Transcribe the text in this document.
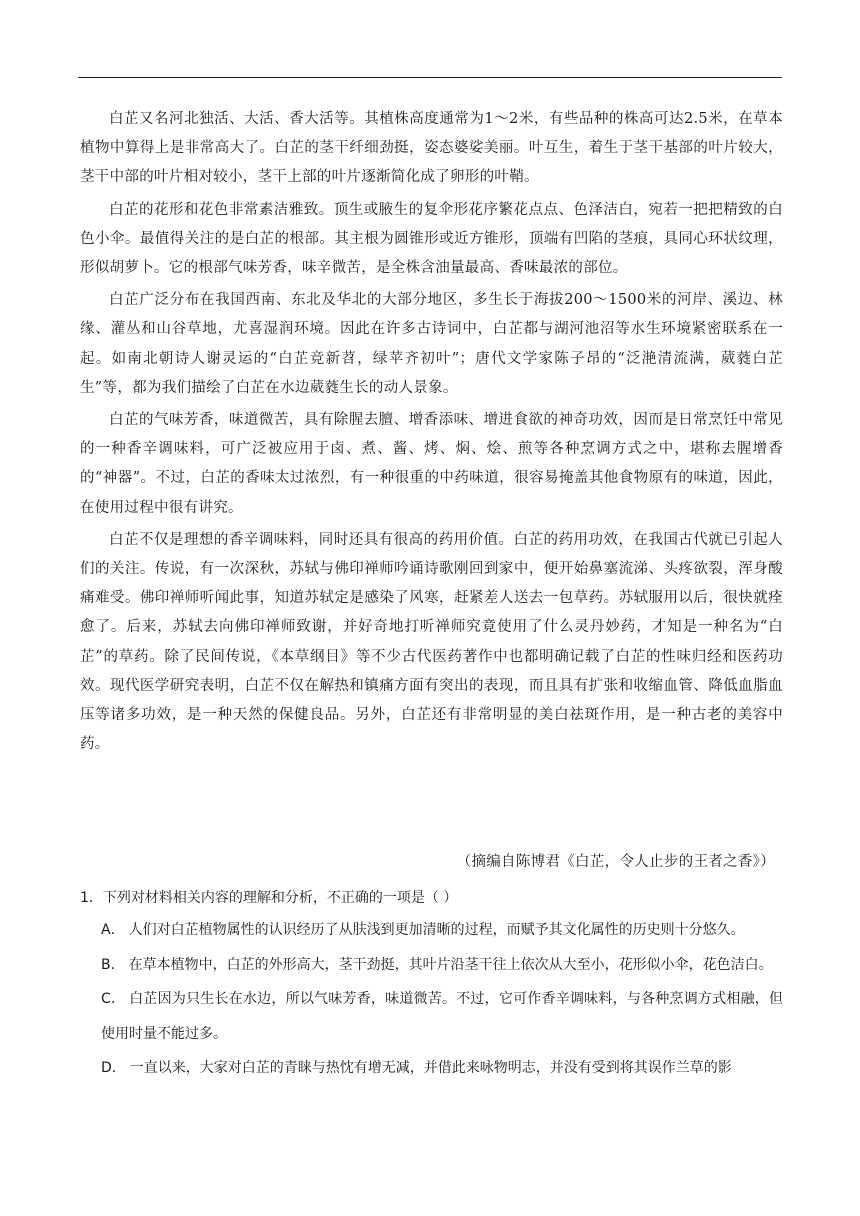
白芷又名河北独活、大活、香大活等。其植株高度通常为1～2米，有些品种的株高可达2.5米，在草本植物中算得上是非常高大了。白芷的茎干纤细劲挺，姿态婆娑美丽。叶互生，着生于茎干基部的叶片较大，茎干中部的叶片相对较小，茎干上部的叶片逐渐简化成了卵形的叶鞘。

白芷的花形和花色非常素洁雅致。顶生或腋生的复伞形花序繁花点点、色泽洁白，宛若一把把精致的白色小伞。最值得关注的是白芷的根部。其主根为圆锥形或近方锥形，顶端有凹陷的茎痕，具同心环状纹理，形似胡萝卜。它的根部气味芳香，味辛微苦，是全株含油量最高、香味最浓的部位。

白芷广泛分布在我国西南、东北及华北的大部分地区，多生长于海拔200～1500米的河岸、溪边、林缘、灌丛和山谷草地，尤喜湿润环境。因此在许多古诗词中，白芷都与湖河池沼等水生环境紧密联系在一起。如南北朝诗人谢灵运的“白芷竞新苕，绿苹齐初叶”；唐代文学家陈子昂的“泛滟清流满，葳蕤白芷生”等，都为我们描绘了白芷在水边葳蕤生长的动人景象。

白芷的气味芳香，味道微苦，具有除腥去膻、增香添味、增进食欲的神奇功效，因而是日常烹饪中常见的一种香辛调味料，可广泛被应用于卤、煮、酱、烤、焖、烩、煎等各种烹调方式之中，堪称去腥增香的“神器”。不过，白芷的香味太过浓烈，有一种很重的中药味道，很容易掩盖其他食物原有的味道，因此，在使用过程中很有讲究。

白芷不仅是理想的香辛调味料，同时还具有很高的药用价值。白芷的药用功效，在我国古代就已引起人们的关注。传说，有一次深秋，苏轼与佛印禅师吟诵诗歌刚回到家中，便开始鼻塞流涕、头疼欲裂，浑身酸痛难受。佛印禅师听闻此事，知道苏轼定是感染了风寒，赶紧差人送去一包草药。苏轼服用以后，很快就痊愈了。后来，苏轼去向佛印禅师致谢，并好奇地打听禅师究竟使用了什么灵丹妙药，才知是一种名为“白芷”的草药。除了民间传说，《本草纲目》等不少古代医药著作中也都明确记载了白芷的性味归经和医药功效。现代医学研究表明，白芷不仅在解热和镇痛方面有突出的表现，而且具有扩张和收缩血管、降低血脂血压等诸多功效，是一种天然的保健良品。另外，白芷还有非常明显的美白祛斑作用，是一种古老的美容中药。

（摘编自陈博君《白芷，令人止步的王者之香》）

1．下列对材料相关内容的理解和分析，不正确的一项是（ ）

A． 人们对白芷植物属性的认识经历了从肤浅到更加清晰的过程，而赋予其文化属性的历史则十分悠久。

B． 在草本植物中，白芷的外形高大，茎干劲挺，其叶片沿茎干往上依次从大至小，花形似小伞，花色洁白。

C． 白芷因为只生长在水边，所以气味芳香，味道微苦。不过，它可作香辛调味料，与各种烹调方式相融，但使用时量不能过多。

D． 一直以来，大家对白芷的青睐与热忱有增无减，并借此来咏物明志，并没有受到将其误作兰草的影
